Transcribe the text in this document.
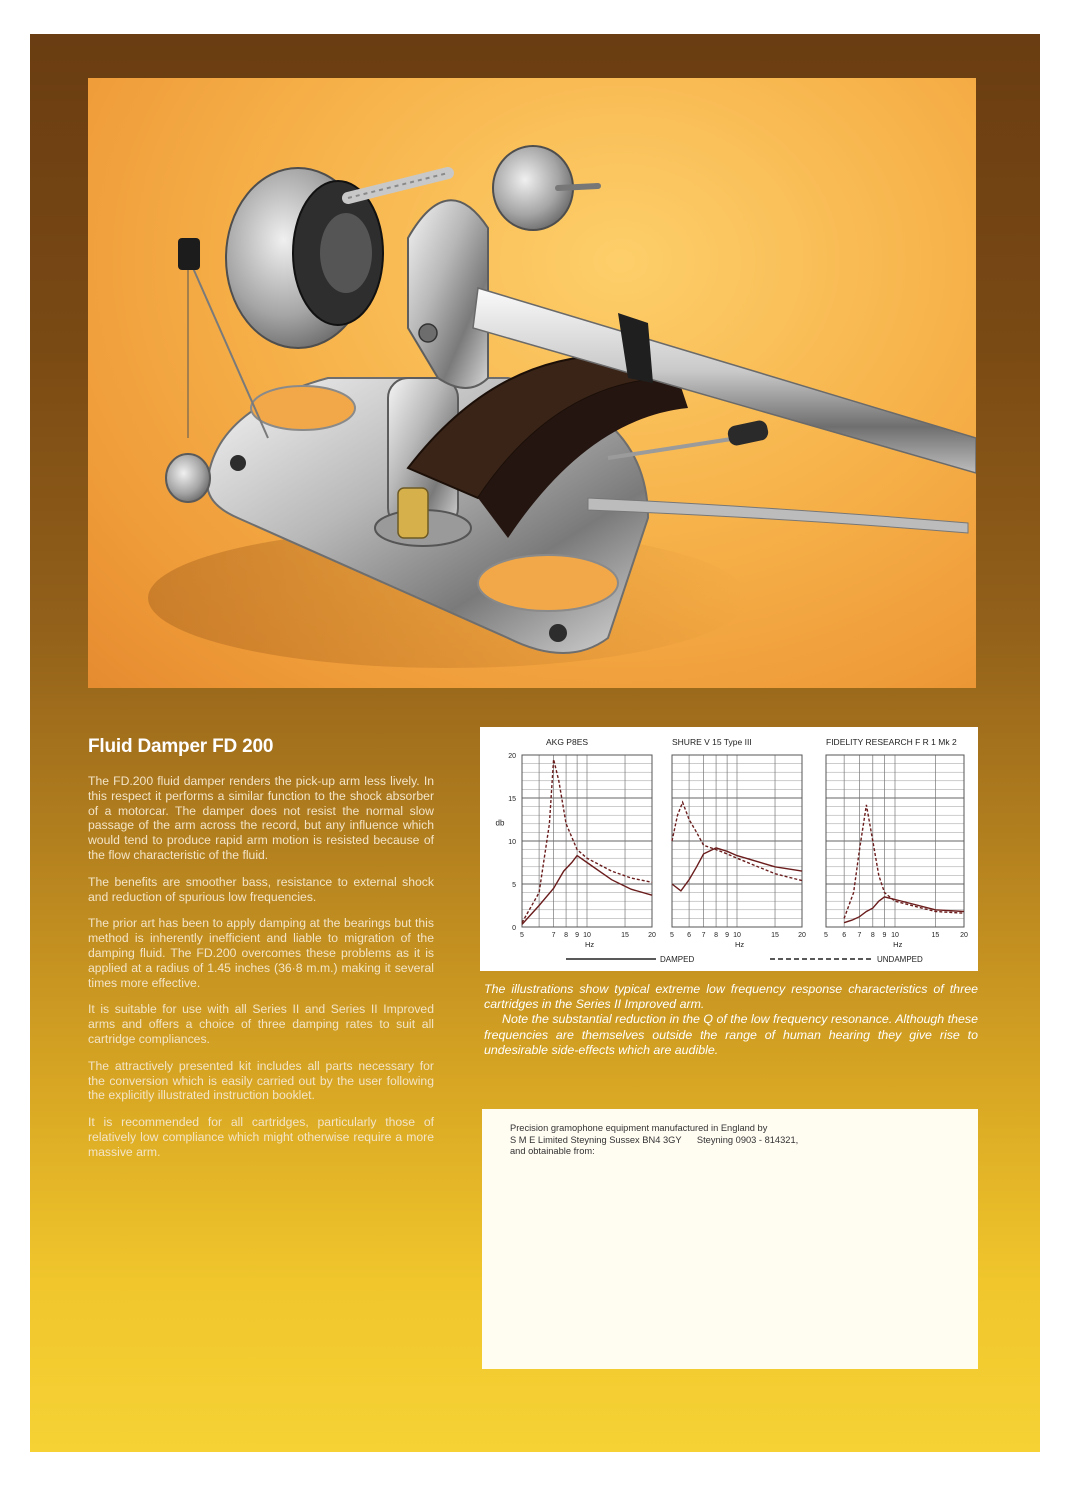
Fluid Damper FD 200

The FD.200 fluid damper renders the pick-up arm less lively. In this respect it performs a similar function to the shock absorber of a motorcar. The damper does not resist the normal slow passage of the arm across the record, but any influence which would tend to produce rapid arm motion is resisted because of the flow characteristic of the fluid.

The benefits are smoother bass, resistance to external shock and reduction of spurious low frequencies.

The prior art has been to apply damping at the bearings but this method is inherently inefficient and liable to migration of the damping fluid. The FD.200 overcomes these problems as it is applied at a radius of 1.45 inches (36·8 m.m.) making it several times more effective.

It is suitable for use with all Series II and Series II Improved arms and offers a choice of three damping rates to suit all cartridge compliances.

The attractively presented kit includes all parts necessary for the conversion which is easily carried out by the user following the explicitly illustrated instruction booklet.

It is recommended for all cartridges, particularly those of relatively low compliance which might otherwise require a more massive arm.

AKG P8ES
5	7 8 9 10	15	20
Hz
SHURE V 15 Type III
5 6 7 8 9 10	15	20
Hz
FIDELITY RESEARCH F R 1 Mk 2
5 6 7 8 9 10	15	20
Hz
0
5
10
15
20
db
DAMPED	UNDAMPED

The illustrations show typical extreme low frequency response characteristics of three cartridges in the Series II Improved arm.

Note the substantial reduction in the Q of the low frequency resonance. Although these frequencies are themselves outside the range of human hearing they give rise to undesirable side-effects which are audible.

Precision gramophone equipment manufactured in England by
S M E Limited Steyning Sussex BN4 3GY      Steyning 0903 - 814321,
and obtainable from:
